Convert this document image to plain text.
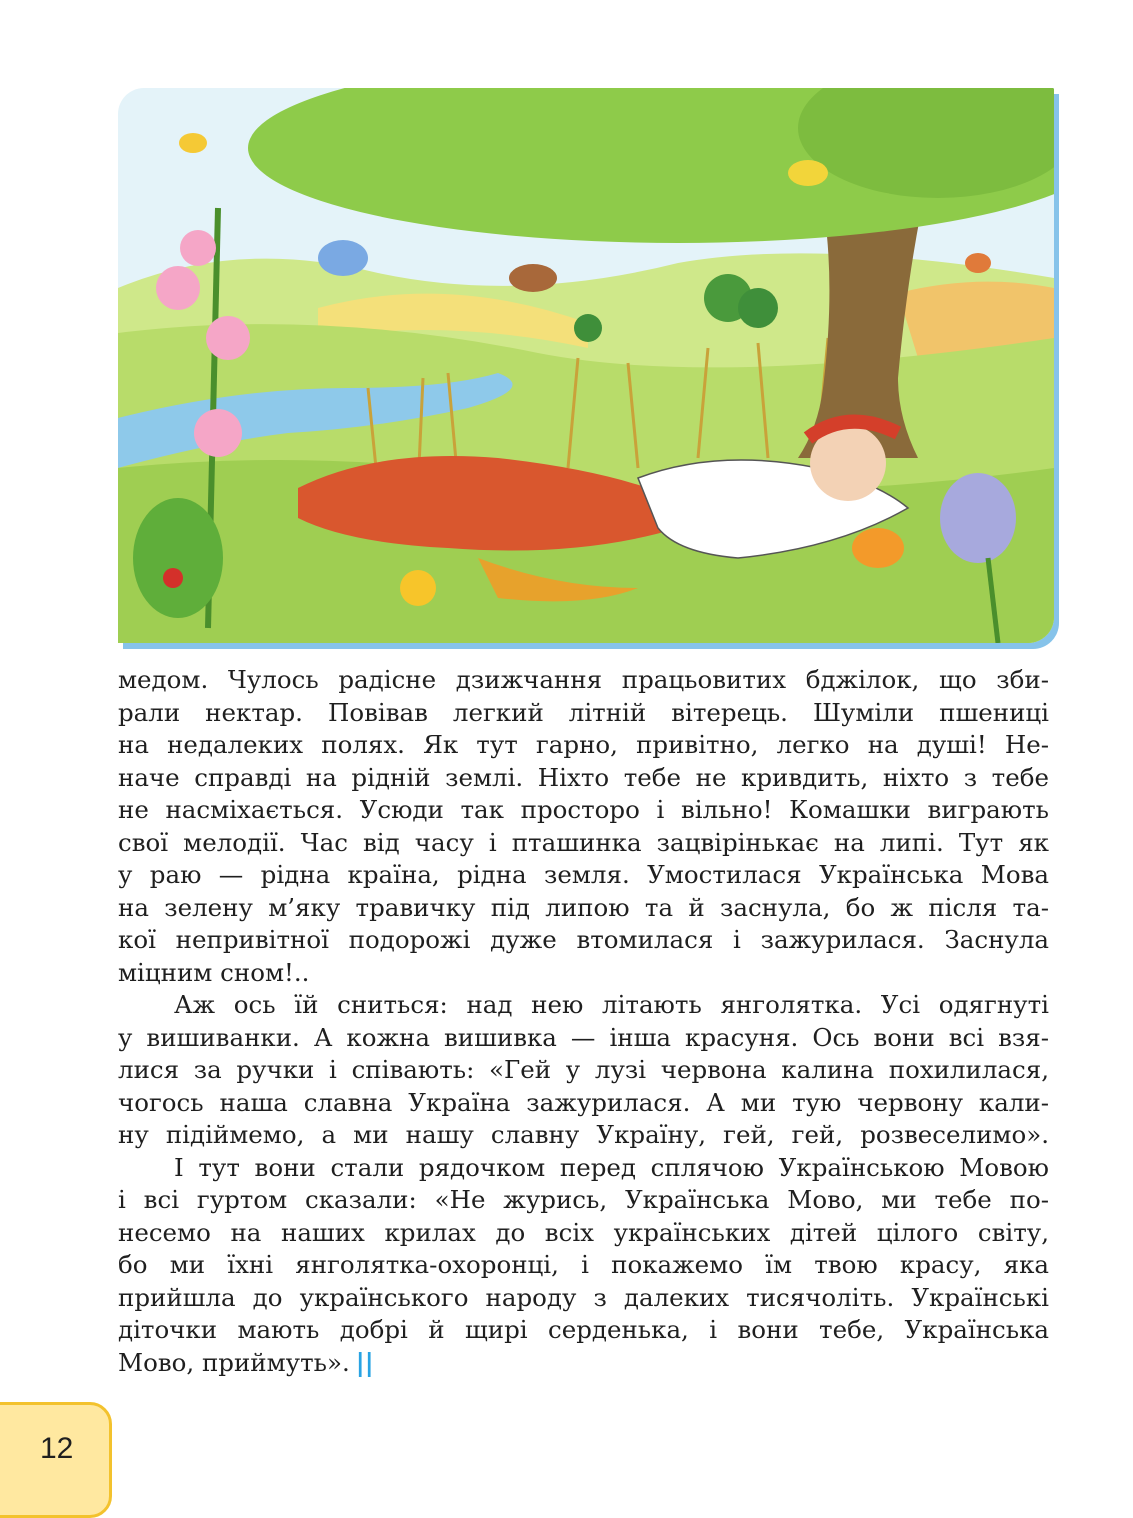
медом. Чулось радісне дзижчання працьовитих бджілок, що зби-

рали нектар. Повівав легкий літній вітерець. Шуміли пшениці

на недалеких полях. Як тут гарно, привітно, легко на душі! Не-

наче справді на рідній землі. Ніхто тебе не кривдить, ніхто з тебе

не насміхається. Усюди так просторо і вільно! Комашки виграють

свої мелодії. Час від часу і пташинка зацвірінькає на липі. Тут як

у раю — рідна країна, рідна земля. Умостилася Українська Мова

на зелену м’яку травичку під липою та й заснула, бо ж після та-

кої непривітної подорожі дуже втомилася і зажурилася. Заснула

міцним сном!..

Аж ось їй сниться: над нею літають янголятка. Усі одягнуті

у вишиванки. А кожна вишивка — інша красуня. Ось вони всі взя-

лися за ручки і співають: «Гей у лузі червона калина похилилася,

чогось наша славна Україна зажурилася. А ми тую червону кали-

ну підіймемо, а ми нашу славну Україну, гей, гей, розвеселимо».

І тут вони стали рядочком перед сплячою Українською Мовою

і всі гуртом сказали: «Не журись, Українська Мово, ми тебе по-

несемо на наших крилах до всіх українських дітей цілого світу,

бо ми їхні янголятка-охоронці, і покажемо їм твою красу, яка

прийшла до українського народу з далеких тисячоліть. Українські

діточки мають добрі й щирі серденька, і вони тебе, Українська

Мово, приймуть». ||

12
